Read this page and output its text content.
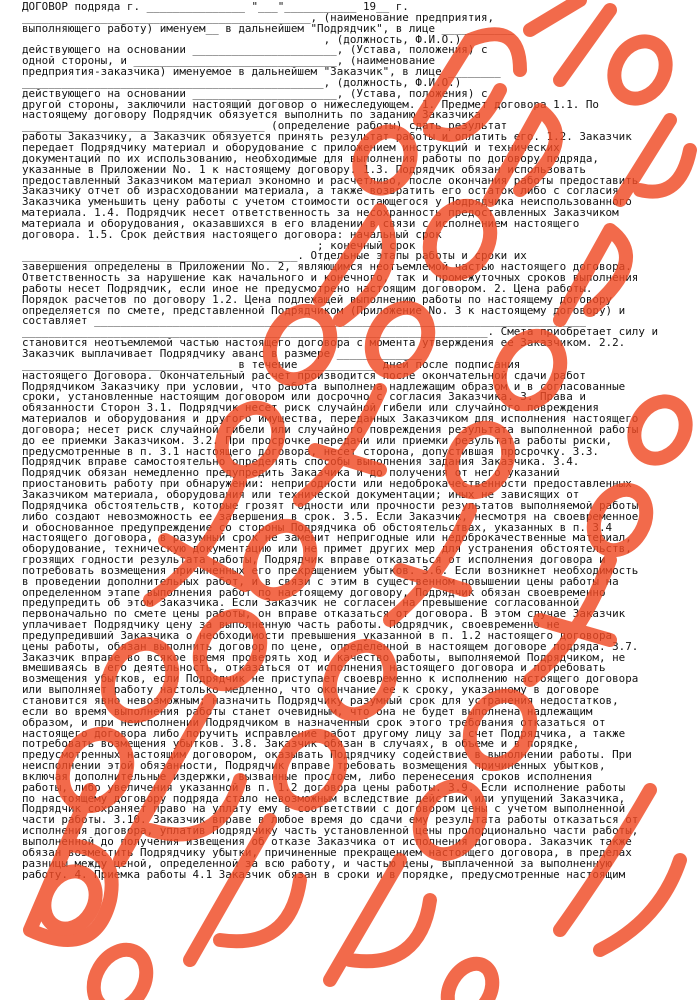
ДОГОВОР подряда г. _______________ "___"___________ 19__ г.
____________________________________________, (наименование предприятия,
выполняющего работу) именуем__ в дальнейшем "Подрядчик", в лице ___________
______________________________________________, (должность, Ф.И.О.)
действующего на основании ______________________, (Устава, положения) с
одной стороны, и _______________________________, (наименование
предприятия-заказчика) именуемое в дальнейшем "Заказчик", в лице ________
______________________________________________, (должность, Ф.И.О.)
действующего на основании ______________________, (Устава, положения) с
другой стороны, заключили настоящий договор о нижеследующем. 1. Предмет договора 1.1. По
настоящему договору Подрядчик обязуется выполнить по заданию Заказчика
_____________________________________ (определение работы) сдать результат
работы Заказчику, а Заказчик обязуется принять результат работы и оплатить его. 1.2. Заказчик
передает Подрядчику материал и оборудование с приложением инструкций и технических
документаций по их использованию, необходимые для выполнения работы по договору подряда,
указанные в Приложении No. 1 к настоящему договору. 1.3. Подрядчик обязан использовать
предоставленный Заказчиком материал экономно и расчетливо, после окончания работы предоставить
Заказчику отчет об израсходовании материала, а также возвратить его остаток либо с согласия
Заказчика уменьшить цену работы с учетом стоимости остающегося у Подрядчика неиспользованного
материала. 1.4. Подрядчик несет ответственность за несохранность предоставленных Заказчиком
материала и оборудования, оказавшихся в его владении в связи с исполнением настоящего
договора. 1.5. Срок действия настоящего договора: начальный срок
_____________________________________________; конечный срок ______________
__________________________________________. Отдельные этапы работы и сроки их
завершения определены в Приложении No. 2, являющимся неотъемлемой частью настоящего договора.
Ответственность за нарушение как начального и конечного, так и промежуточных сроков выполнения
работы несет Подрядчик, если иное не предусмотрено настоящим договором. 2. Цена работы.
Порядок расчетов по договору 1.2. Цена подлежащей выполнению работы по настоящему договору
определяется по смете, представленной Подрядчиком (Приложение No. 3 к настоящему договору) и
составляет ___________________________________________________________________________
_______________________________________________________________________. Смета приобретает силу и
становится неотъемлемой частью настоящего договора с момента утверждения ее Заказчиком. 2.2.
Заказчик выплачивает Подрядчику аванс в размере _____________
________________________________ в течение ___________ дней после подписания
настоящего Договора. Окончательный расчет производится после окончательной сдачи работ
Подрядчиком Заказчику при условии, что работа выполнена надлежащим образом и в согласованные
сроки, установленные настоящим договором или досрочно с согласия Заказчика. 3. Права и
обязанности Сторон 3.1. Подрядчик несет риск случайной гибели или случайного повреждения
материалов и оборудования и другого имущества, переданных Заказчиком для исполнения настоящего
договора; несет риск случайной гибели или случайного повреждения результата выполненной работы
до ее приемки Заказчиком. 3.2. При просрочке передачи или приемки результата работы риски,
предусмотренные в п. 3.1 настоящего договора, несет сторона, допустившая просрочку. 3.3.
Подрядчик вправе самостоятельно определять способы выполнения задания Заказчика. 3.4.
Подрядчик обязан немедленно предупредить Заказчика и до получения от него указаний
приостановить работу при обнаружении: непригодности или недоброкачественности предоставленных
Заказчиком материала, оборудования или технической документации; иных не зависящих от
Подрядчика обстоятельств, которые грозят годности или прочности результатов выполняемой работы
либо создают невозможность ее завершения в срок. 3.5. Если Заказчик, несмотря на своевременное
и обоснованное предупреждение со стороны Подрядчика об обстоятельствах, указанных в п. 3.4
настоящего договора, в разумный срок не заменит непригодные или недоброкачественные материал,
оборудование, техническую документацию или не примет других мер для устранения обстоятельств,
грозящих годности результата работы, Подрядчик вправе отказаться от исполнения договора и
потребовать возмещения причиненных его прекращением убытков. 3.6. Если возникнет необходимость
в проведении дополнительных работ, и в связи с этим в существенном повышении цены работы на
определенном этапе выполнения работ по настоящему договору, Подрядчик обязан своевременно
предупредить об этом Заказчика. Если Заказчик не согласен на превышение согласованной
первоначально по смете цены работы, он вправе отказаться от договора. В этом случае Заказчик
уплачивает Подрядчику цену за выполненную часть работы. Подрядчик, своевременно не
предупредивший Заказчика о необходимости превышения указанной в п. 1.2 настоящего договора
цены работы, обязан выполнить договор по цене, определенной в настоящем договоре подряда. 3.7.
Заказчик вправе во всякое время проверять ход и качество работы, выполняемой Подрядчиком, не
вмешиваясь в его деятельность, отказаться от исполнения настоящего договора и потребовать
возмещения убытков, если Подрядчик не приступает своевременно к исполнению настоящего договора
или выполняет работу настолько медленно, что окончание ее к сроку, указанному в договоре
становится явно невозможным; назначить Подрядчику разумный срок для устранения недостатков,
если во время выполнения работы станет очевидным, что она не будет выполнена надлежащим
образом, и при неисполнении Подрядчиком в назначенный срок этого требования отказаться от
настоящего договора либо поручить исправление работ другому лицу за счет Подрядчика, а также
потребовать возмещения убытков. 3.8. Заказчик обязан в случаях, в объеме и в порядке,
предусмотренных настоящим договором, оказывать Подрядчику содействие в выполнении работы. При
неисполнении этой обязанности, Подрядчик вправе требовать возмещения причиненных убытков,
включая дополнительные издержки, вызванные простоем, либо перенесения сроков исполнения
работы, либо увеличения указанной в п. 1.2 договора цены работы. 3.9. Если исполнение работы
по настоящему договору подряда стало невозможным вследствие действий или упущений Заказчика,
Подрядчик сохраняет право на уплату ему в соответствии с договором цены с учетом выполненной
части работы. 3.10. Заказчик вправе в любое время до сдачи ему результата работы отказаться от
исполнения договора, уплатив Подрядчику часть установленной цены пропорционально части работы,
выполненной до получения извещения об отказе Заказчика от исполнения договора. Заказчик также
обязан возместить Подрядчику убытки, причиненные прекращением настоящего договора, в пределах
разницы между ценой, определенной за всю работу, и частью цены, выплаченной за выполненную
работу. 4. Приемка работы 4.1 Заказчик обязан в сроки и в порядке, предусмотренные настоящим
